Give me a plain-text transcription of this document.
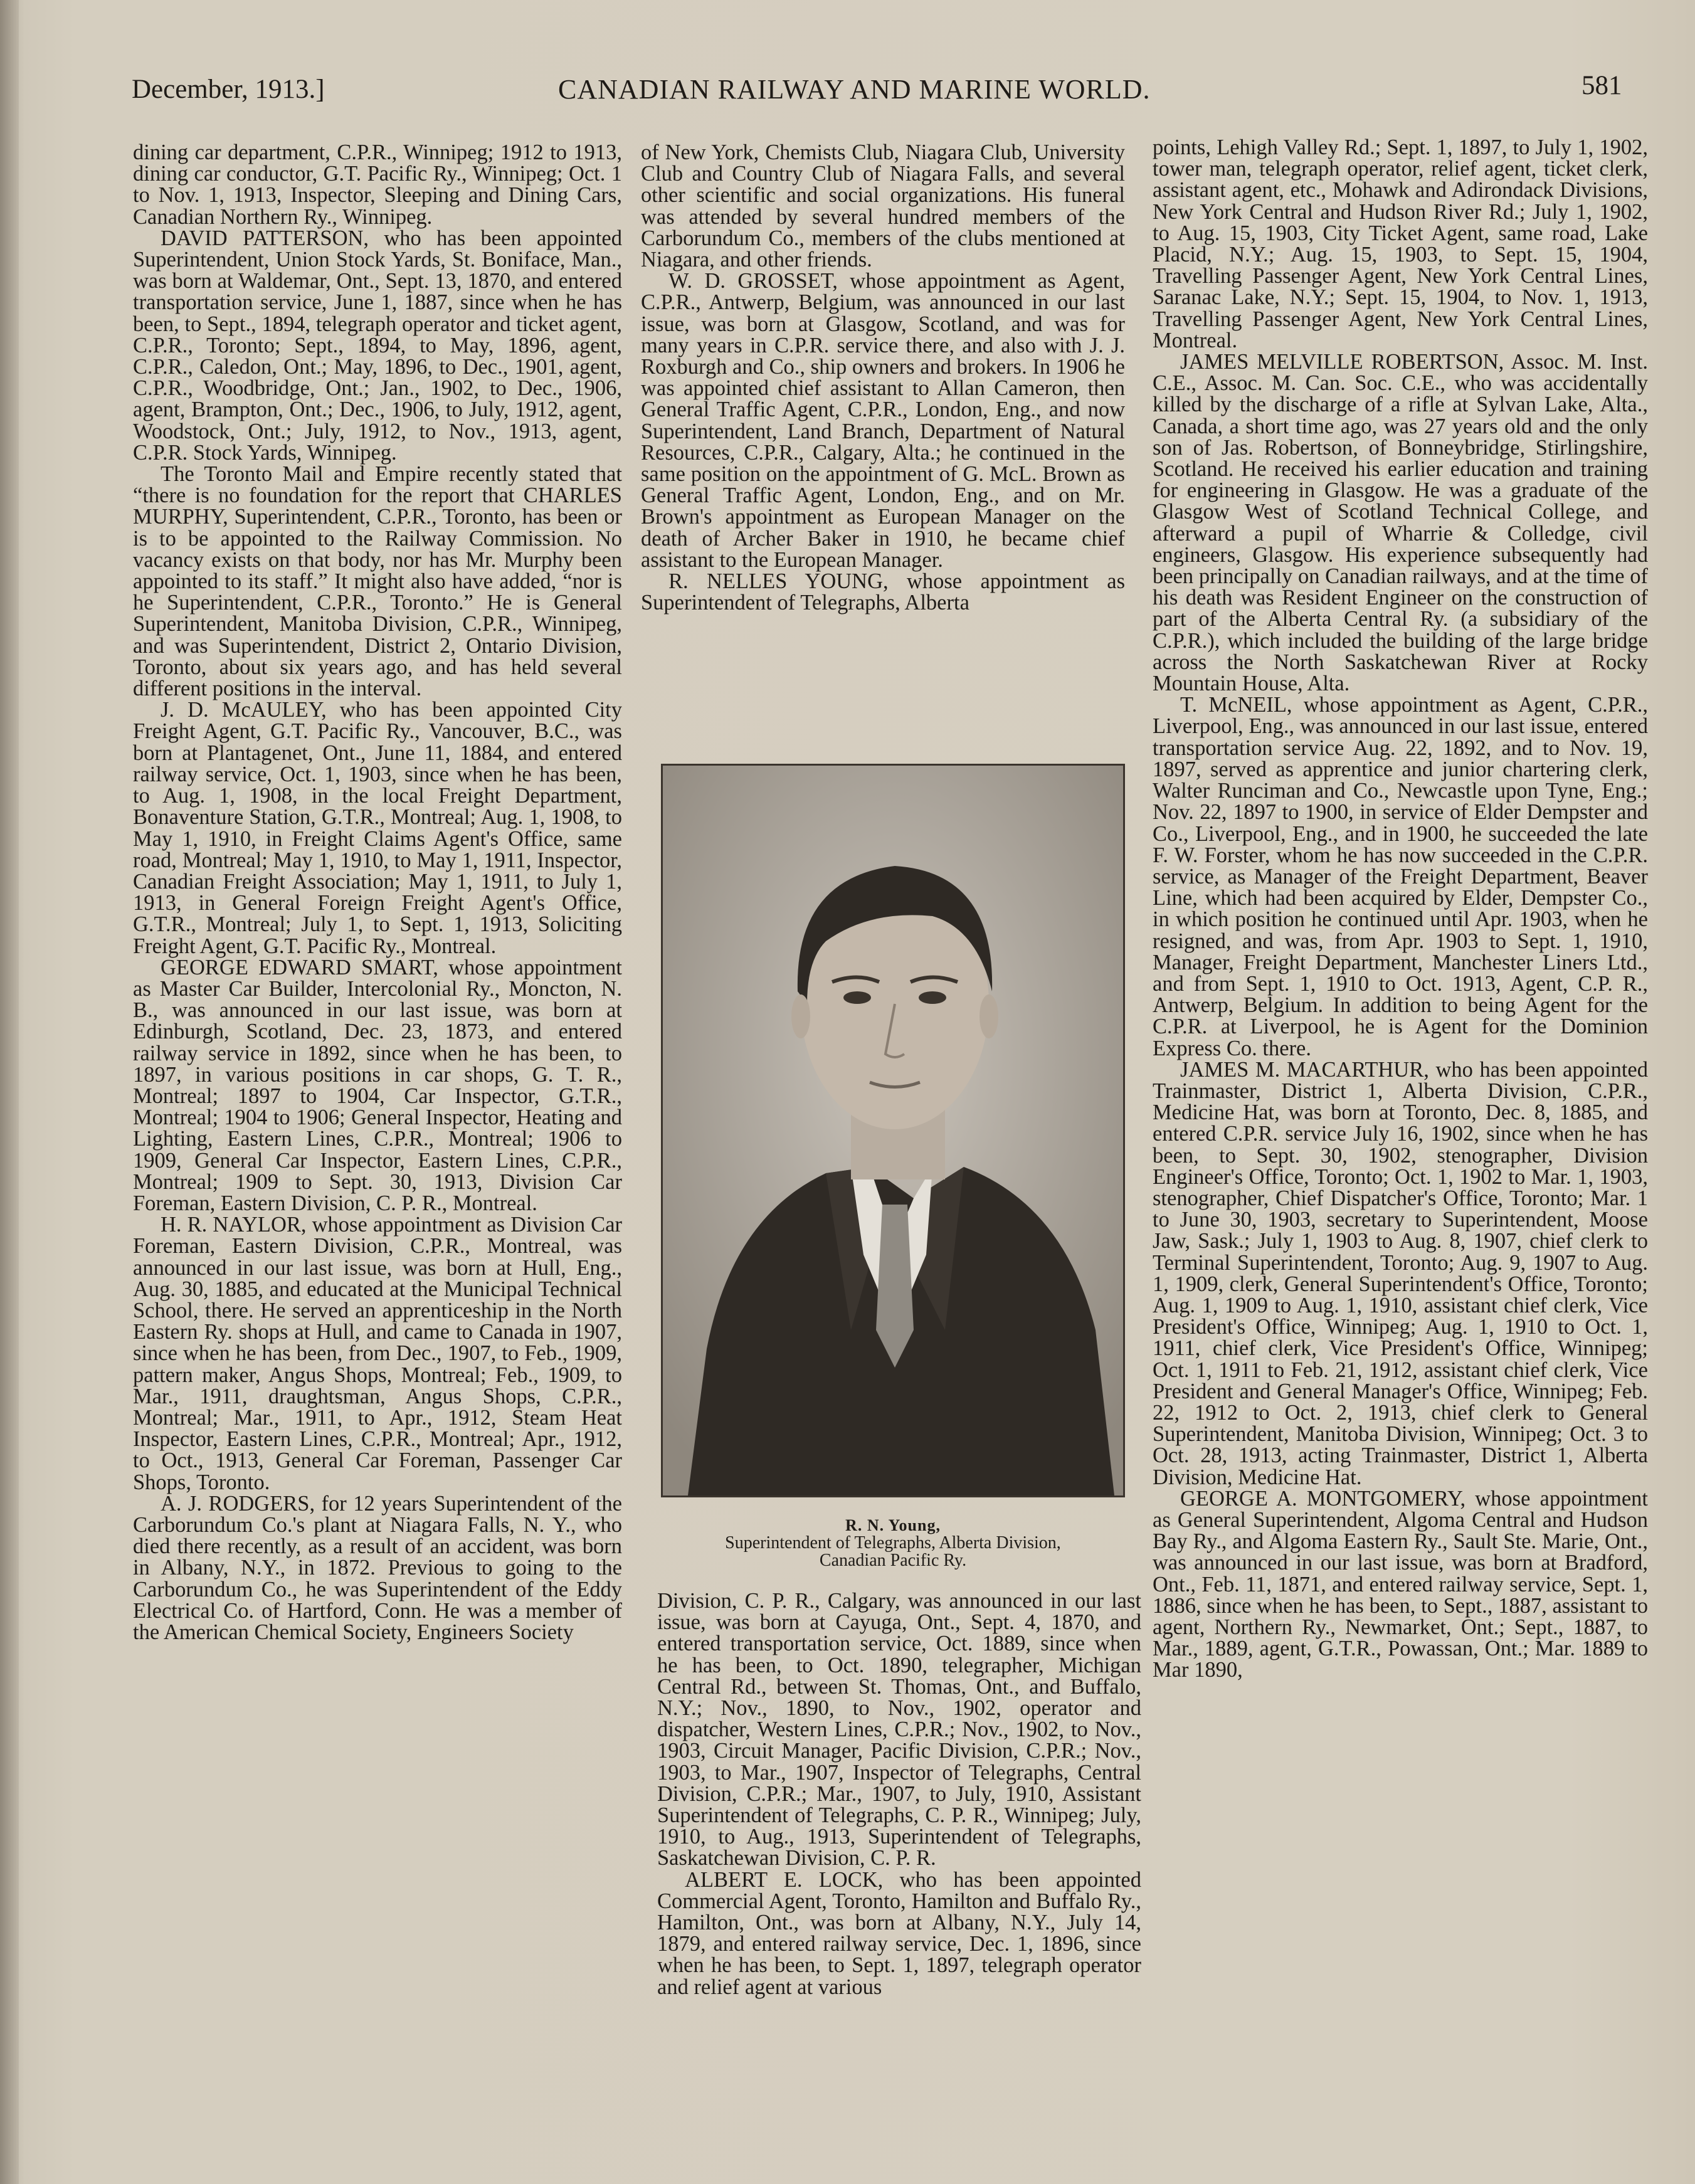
December, 1913.]	CANADIAN RAILWAY AND MARINE WORLD.	581

dining car department, C.P.R., Winnipeg; 1912 to 1913, dining car conductor, G.T. Pacific Ry., Winnipeg; Oct. 1 to Nov. 1, 1913, Inspector, Sleeping and Dining Cars, Canadian Northern Ry., Winnipeg.

DAVID PATTERSON, who has been appointed Superintendent, Union Stock Yards, St. Boniface, Man., was born at Waldemar, Ont., Sept. 13, 1870, and entered transportation service, June 1, 1887, since when he has been, to Sept., 1894, telegraph operator and ticket agent, C.P.R., Toronto; Sept., 1894, to May, 1896, agent, C.P.R., Caledon, Ont.; May, 1896, to Dec., 1901, agent, C.P.R., Woodbridge, Ont.; Jan., 1902, to Dec., 1906, agent, Brampton, Ont.; Dec., 1906, to July, 1912, agent, Woodstock, Ont.; July, 1912, to Nov., 1913, agent, C.P.R. Stock Yards, Winnipeg.

The Toronto Mail and Empire recently stated that “there is no foundation for the report that CHARLES MURPHY, Superintendent, C.P.R., Toronto, has been or is to be appointed to the Railway Commission. No vacancy exists on that body, nor has Mr. Murphy been appointed to its staff.” It might also have added, “nor is he Superintendent, C.P.R., Toronto.” He is General Superintendent, Manitoba Division, C.P.R., Winnipeg, and was Superintendent, District 2, Ontario Division, Toronto, about six years ago, and has held several different positions in the interval.

J. D. McAULEY, who has been appointed City Freight Agent, G.T. Pacific Ry., Vancouver, B.C., was born at Plantagenet, Ont., June 11, 1884, and entered railway service, Oct. 1, 1903, since when he has been, to Aug. 1, 1908, in the local Freight Department, Bonaventure Station, G.T.R., Montreal; Aug. 1, 1908, to May 1, 1910, in Freight Claims Agent's Office, same road, Montreal; May 1, 1910, to May 1, 1911, Inspector, Canadian Freight Association; May 1, 1911, to July 1, 1913, in General Foreign Freight Agent's Office, G.T.R., Montreal; July 1, to Sept. 1, 1913, Soliciting Freight Agent, G.T. Pacific Ry., Montreal.

GEORGE EDWARD SMART, whose appointment as Master Car Builder, Intercolonial Ry., Moncton, N. B., was announced in our last issue, was born at Edinburgh, Scotland, Dec. 23, 1873, and entered railway service in 1892, since when he has been, to 1897, in various positions in car shops, G. T. R., Montreal; 1897 to 1904, Car Inspector, G.T.R., Montreal; 1904 to 1906; General Inspector, Heating and Lighting, Eastern Lines, C.P.R., Montreal; 1906 to 1909, General Car Inspector, Eastern Lines, C.P.R., Montreal; 1909 to Sept. 30, 1913, Division Car Foreman, Eastern Division, C. P. R., Montreal.

H. R. NAYLOR, whose appointment as Division Car Foreman, Eastern Division, C.P.R., Montreal, was announced in our last issue, was born at Hull, Eng., Aug. 30, 1885, and educated at the Municipal Technical School, there. He served an apprenticeship in the North Eastern Ry. shops at Hull, and came to Canada in 1907, since when he has been, from Dec., 1907, to Feb., 1909, pattern maker, Angus Shops, Montreal; Feb., 1909, to Mar., 1911, draughtsman, Angus Shops, C.P.R., Montreal; Mar., 1911, to Apr., 1912, Steam Heat Inspector, Eastern Lines, C.P.R., Montreal; Apr., 1912, to Oct., 1913, General Car Foreman, Passenger Car Shops, Toronto.

A. J. RODGERS, for 12 years Superintendent of the Carborundum Co.'s plant at Niagara Falls, N. Y., who died there recently, as a result of an accident, was born in Albany, N.Y., in 1872. Previous to going to the Carborundum Co., he was Superintendent of the Eddy Electrical Co. of Hartford, Conn. He was a member of the American Chemical Society, Engineers Society

of New York, Chemists Club, Niagara Club, University Club and Country Club of Niagara Falls, and several other scientific and social organizations. His funeral was attended by several hundred members of the Carborundum Co., members of the clubs mentioned at Niagara, and other friends.

W. D. GROSSET, whose appointment as Agent, C.P.R., Antwerp, Belgium, was announced in our last issue, was born at Glasgow, Scotland, and was for many years in C.P.R. service there, and also with J. J. Roxburgh and Co., ship owners and brokers. In 1906 he was appointed chief assistant to Allan Cameron, then General Traffic Agent, C.P.R., London, Eng., and now Superintendent, Land Branch, Department of Natural Resources, C.P.R., Calgary, Alta.; he continued in the same position on the appointment of G. McL. Brown as General Traffic Agent, London, Eng., and on Mr. Brown's appointment as European Manager on the death of Archer Baker in 1910, he became chief assistant to the European Manager.

R. NELLES YOUNG, whose appointment as Superintendent of Telegraphs, Alberta

R. N. Young,
Superintendent of Telegraphs, Alberta Division,
Canadian Pacific Ry.

Division, C. P. R., Calgary, was announced in our last issue, was born at Cayuga, Ont., Sept. 4, 1870, and entered transportation service, Oct. 1889, since when he has been, to Oct. 1890, telegrapher, Michigan Central Rd., between St. Thomas, Ont., and Buffalo, N.Y.; Nov., 1890, to Nov., 1902, operator and dispatcher, Western Lines, C.P.R.; Nov., 1902, to Nov., 1903, Circuit Manager, Pacific Division, C.P.R.; Nov., 1903, to Mar., 1907, Inspector of Telegraphs, Central Division, C.P.R.; Mar., 1907, to July, 1910, Assistant Superintendent of Telegraphs, C. P. R., Winnipeg; July, 1910, to Aug., 1913, Superintendent of Telegraphs, Saskatchewan Division, C. P. R.

ALBERT E. LOCK, who has been appointed Commercial Agent, Toronto, Hamilton and Buffalo Ry., Hamilton, Ont., was born at Albany, N.Y., July 14, 1879, and entered railway service, Dec. 1, 1896, since when he has been, to Sept. 1, 1897, telegraph operator and relief agent at various

points, Lehigh Valley Rd.; Sept. 1, 1897, to July 1, 1902, tower man, telegraph operator, relief agent, ticket clerk, assistant agent, etc., Mohawk and Adirondack Divisions, New York Central and Hudson River Rd.; July 1, 1902, to Aug. 15, 1903, City Ticket Agent, same road, Lake Placid, N.Y.; Aug. 15, 1903, to Sept. 15, 1904, Travelling Passenger Agent, New York Central Lines, Saranac Lake, N.Y.; Sept. 15, 1904, to Nov. 1, 1913, Travelling Passenger Agent, New York Central Lines, Montreal.

JAMES MELVILLE ROBERTSON, Assoc. M. Inst. C.E., Assoc. M. Can. Soc. C.E., who was accidentally killed by the discharge of a rifle at Sylvan Lake, Alta., Canada, a short time ago, was 27 years old and the only son of Jas. Robertson, of Bonneybridge, Stirlingshire, Scotland. He received his earlier education and training for engineering in Glasgow. He was a graduate of the Glasgow West of Scotland Technical College, and afterward a pupil of Wharrie & Colledge, civil engineers, Glasgow. His experience subsequently had been principally on Canadian railways, and at the time of his death was Resident Engineer on the construction of part of the Alberta Central Ry. (a subsidiary of the C.P.R.), which included the building of the large bridge across the North Saskatchewan River at Rocky Mountain House, Alta.

T. McNEIL, whose appointment as Agent, C.P.R., Liverpool, Eng., was announced in our last issue, entered transportation service Aug. 22, 1892, and to Nov. 19, 1897, served as apprentice and junior chartering clerk, Walter Runciman and Co., Newcastle upon Tyne, Eng.; Nov. 22, 1897 to 1900, in service of Elder Dempster and Co., Liverpool, Eng., and in 1900, he succeeded the late F. W. Forster, whom he has now succeeded in the C.P.R. service, as Manager of the Freight Department, Beaver Line, which had been acquired by Elder, Dempster Co., in which position he continued until Apr. 1903, when he resigned, and was, from Apr. 1903 to Sept. 1, 1910, Manager, Freight Department, Manchester Liners Ltd., and from Sept. 1, 1910 to Oct. 1913, Agent, C.P. R., Antwerp, Belgium. In addition to being Agent for the C.P.R. at Liverpool, he is Agent for the Dominion Express Co. there.

JAMES M. MACARTHUR, who has been appointed Trainmaster, District 1, Alberta Division, C.P.R., Medicine Hat, was born at Toronto, Dec. 8, 1885, and entered C.P.R. service July 16, 1902, since when he has been, to Sept. 30, 1902, stenographer, Division Engineer's Office, Toronto; Oct. 1, 1902 to Mar. 1, 1903, stenographer, Chief Dispatcher's Office, Toronto; Mar. 1 to June 30, 1903, secretary to Superintendent, Moose Jaw, Sask.; July 1, 1903 to Aug. 8, 1907, chief clerk to Terminal Superintendent, Toronto; Aug. 9, 1907 to Aug. 1, 1909, clerk, General Superintendent's Office, Toronto; Aug. 1, 1909 to Aug. 1, 1910, assistant chief clerk, Vice President's Office, Winnipeg; Aug. 1, 1910 to Oct. 1, 1911, chief clerk, Vice President's Office, Winnipeg; Oct. 1, 1911 to Feb. 21, 1912, assistant chief clerk, Vice President and General Manager's Office, Winnipeg; Feb. 22, 1912 to Oct. 2, 1913, chief clerk to General Superintendent, Manitoba Division, Winnipeg; Oct. 3 to Oct. 28, 1913, acting Trainmaster, District 1, Alberta Division, Medicine Hat.

GEORGE A. MONTGOMERY, whose appointment as General Superintendent, Algoma Central and Hudson Bay Ry., and Algoma Eastern Ry., Sault Ste. Marie, Ont., was announced in our last issue, was born at Bradford, Ont., Feb. 11, 1871, and entered railway service, Sept. 1, 1886, since when he has been, to Sept., 1887, assistant to agent, Northern Ry., Newmarket, Ont.; Sept., 1887, to Mar., 1889, agent, G.T.R., Powassan, Ont.; Mar. 1889 to Mar 1890,
